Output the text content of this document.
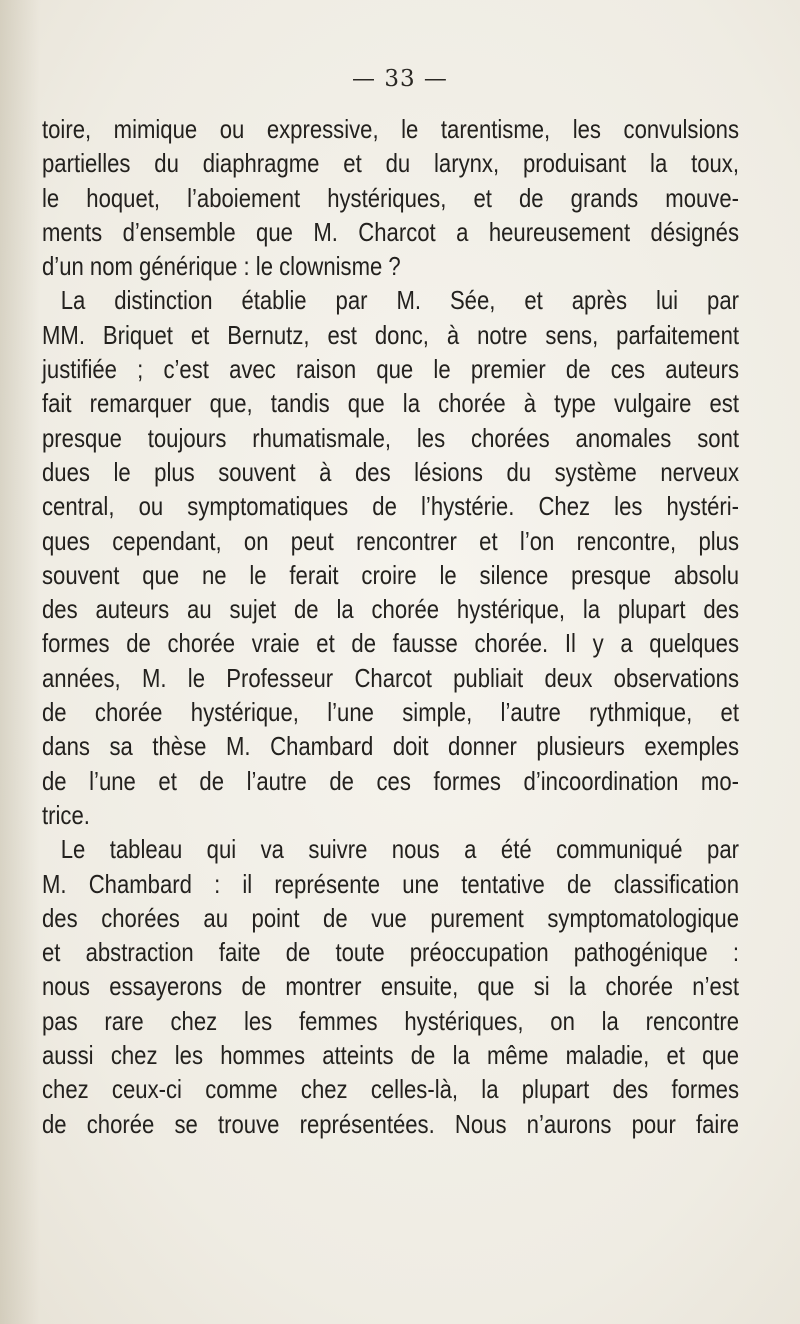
— 33 —
toire, mimique ou expressive, le tarentisme, les convulsions
partielles du diaphragme et du larynx, produisant la toux,
le hoquet, l’aboiement hystériques, et de grands mouve-
ments d’ensemble que M. Charcot a heureusement désignés
d’un nom générique : le clownisme ?
La distinction établie par M. Sée, et après lui par
MM. Briquet et Bernutz, est donc, à notre sens, parfaitement
justifiée ; c’est avec raison que le premier de ces auteurs
fait remarquer que, tandis que la chorée à type vulgaire est
presque toujours rhumatismale, les chorées anomales sont
dues le plus souvent à des lésions du système nerveux
central, ou symptomatiques de l’hystérie. Chez les hystéri-
ques cependant, on peut rencontrer et l’on rencontre, plus
souvent que ne le ferait croire le silence presque absolu
des auteurs au sujet de la chorée hystérique, la plupart des
formes de chorée vraie et de fausse chorée. Il y a quelques
années, M. le Professeur Charcot publiait deux observations
de chorée hystérique, l’une simple, l’autre rythmique, et
dans sa thèse M. Chambard doit donner plusieurs exemples
de l’une et de l’autre de ces formes d’incoordination mo-
trice.
Le tableau qui va suivre nous a été communiqué par
M. Chambard : il représente une tentative de classification
des chorées au point de vue purement symptomatologique
et abstraction faite de toute préoccupation pathogénique :
nous essayerons de montrer ensuite, que si la chorée n’est
pas rare chez les femmes hystériques, on la rencontre
aussi chez les hommes atteints de la même maladie, et que
chez ceux-ci comme chez celles-là, la plupart des formes
de chorée se trouve représentées. Nous n’aurons pour faire
